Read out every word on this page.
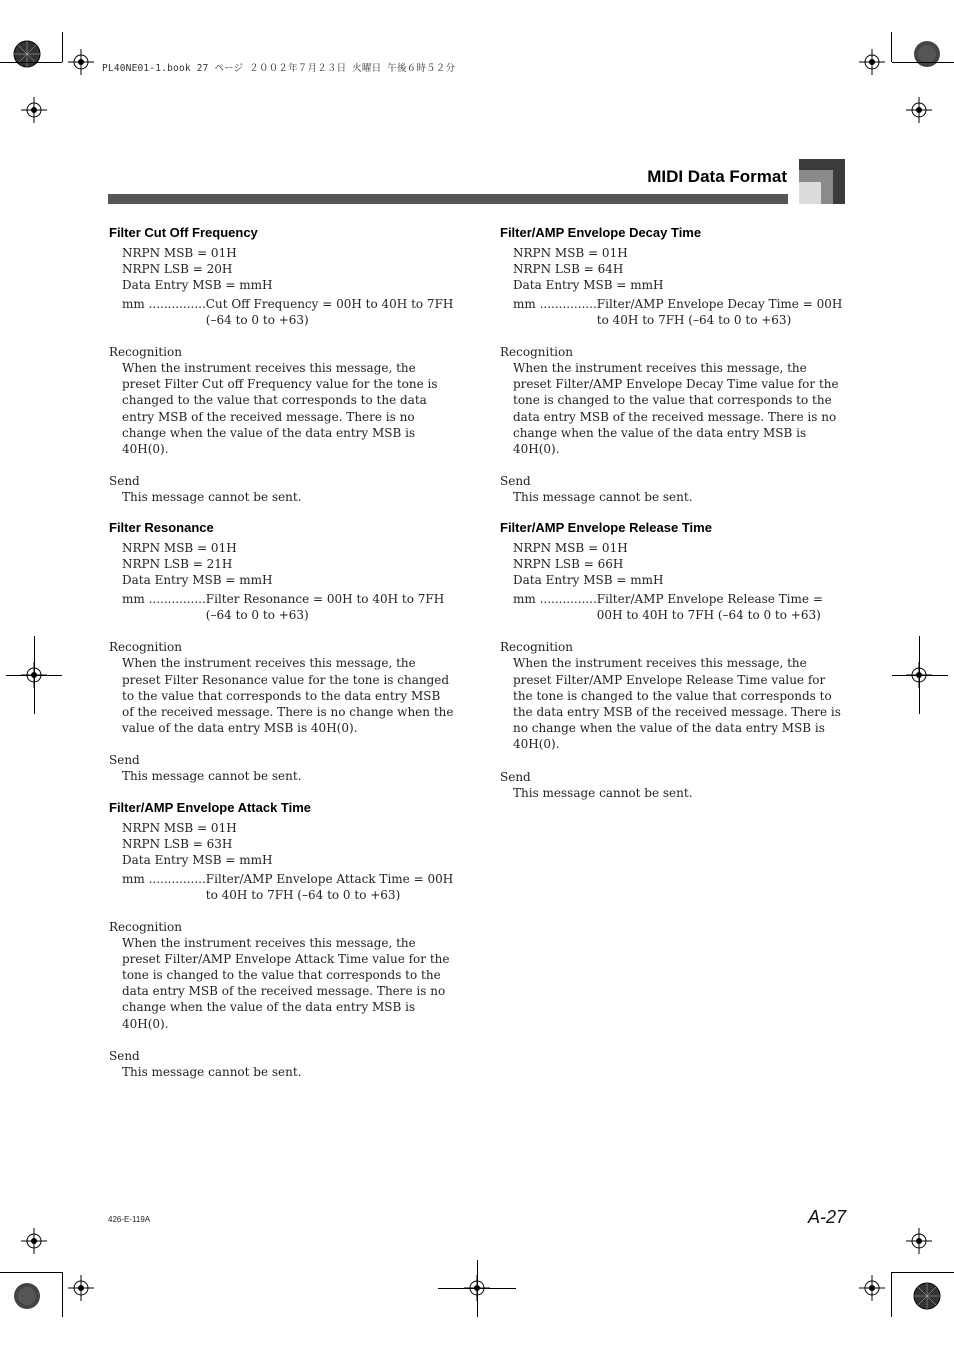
PL40NE01-1.book 27 ページ ２００２年７月２３日 火曜日 午後６時５２分
MIDI Data Format
Filter Cut Off Frequency
NRPN MSB = 01H
NRPN LSB = 20H
Data Entry MSB = mmH
mm ............... Cut Off Frequency = 00H to 40H to 7FH (–64 to 0 to +63)
Recognition
When the instrument receives this message, the preset Filter Cut off Frequency value for the tone is changed to the value that corresponds to the data entry MSB of the received message. There is no change when the value of the data entry MSB is 40H(0).
Send
This message cannot be sent.
Filter Resonance
NRPN MSB = 01H
NRPN LSB = 21H
Data Entry MSB = mmH
mm ............... Filter Resonance = 00H to 40H to 7FH (–64 to 0 to +63)
Recognition
When the instrument receives this message, the preset Filter Resonance value for the tone is changed to the value that corresponds to the data entry MSB of the received message. There is no change when the value of the data entry MSB is 40H(0).
Send
This message cannot be sent.
Filter/AMP Envelope Attack Time
NRPN MSB = 01H
NRPN LSB = 63H
Data Entry MSB = mmH
mm ............... Filter/AMP Envelope Attack Time = 00H to 40H to 7FH (–64 to 0 to +63)
Recognition
When the instrument receives this message, the preset Filter/AMP Envelope Attack Time value for the tone is changed to the value that corresponds to the data entry MSB of the received message. There is no change when the value of the data entry MSB is 40H(0).
Send
This message cannot be sent.
Filter/AMP Envelope Decay Time
NRPN MSB = 01H
NRPN LSB = 64H
Data Entry MSB = mmH
mm ............... Filter/AMP Envelope Decay Time = 00H to 40H to 7FH (–64 to 0 to +63)
Recognition
When the instrument receives this message, the preset Filter/AMP Envelope Decay Time value for the tone is changed to the value that corresponds to the data entry MSB of the received message. There is no change when the value of the data entry MSB is 40H(0).
Send
This message cannot be sent.
Filter/AMP Envelope Release Time
NRPN MSB = 01H
NRPN LSB = 66H
Data Entry MSB = mmH
mm ............... Filter/AMP Envelope Release Time = 00H to 40H to 7FH (–64 to 0 to +63)
Recognition
When the instrument receives this message, the preset Filter/AMP Envelope Release Time value for the tone is changed to the value that corresponds to the data entry MSB of the received message. There is no change when the value of the data entry MSB is 40H(0).
Send
This message cannot be sent.
426-E-119A	A-27
